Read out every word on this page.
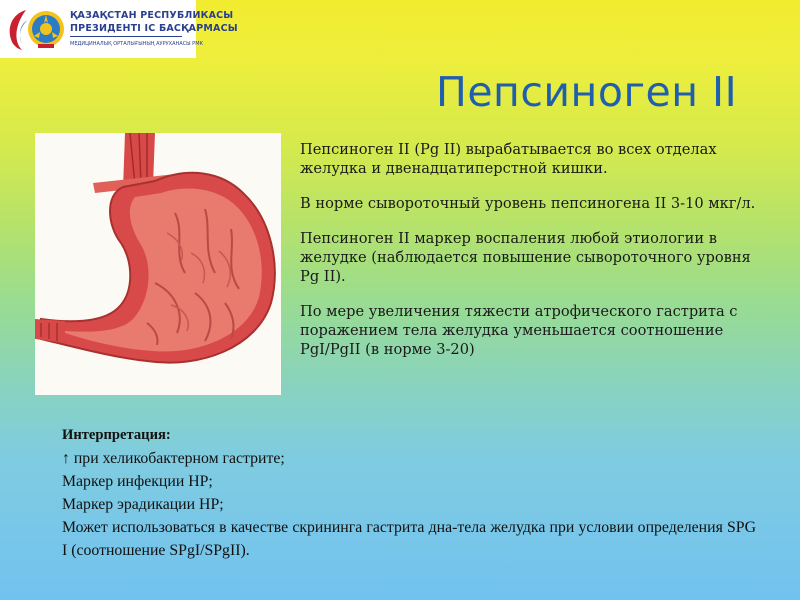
ҚАЗАҚСТАН РЕСПУБЛИКАСЫ
ПРЕЗИДЕНТІ ІС БАСҚАРМАСЫ
МЕДИЦИНАЛЫҚ ОРТАЛЫҒЫНЫҢ АУРУХАНАСЫ РМК
Пепсиноген II

Пепсиноген II (Pg II) вырабатывается во всех отделах желудка и двенадцатиперстной кишки.

В норме сывороточный уровень пепсиногена II 3-10 мкг/л.

Пепсиноген II маркер воспаления любой этиологии в желудке (наблюдается повышение сывороточного уровня Pg II).

По мере увеличения тяжести атрофического гастрита с поражением тела желудка уменьшается соотношение PgI/PgII (в норме 3-20)

Интерпретация:

↑ при хеликобактерном гастрите;

Маркер инфекции HP;

Маркер эрадикации HP;

Может использоваться в качестве скрининга гастрита дна-тела желудка при условии определения SPG I (соотношение SPgI/SPgII).
